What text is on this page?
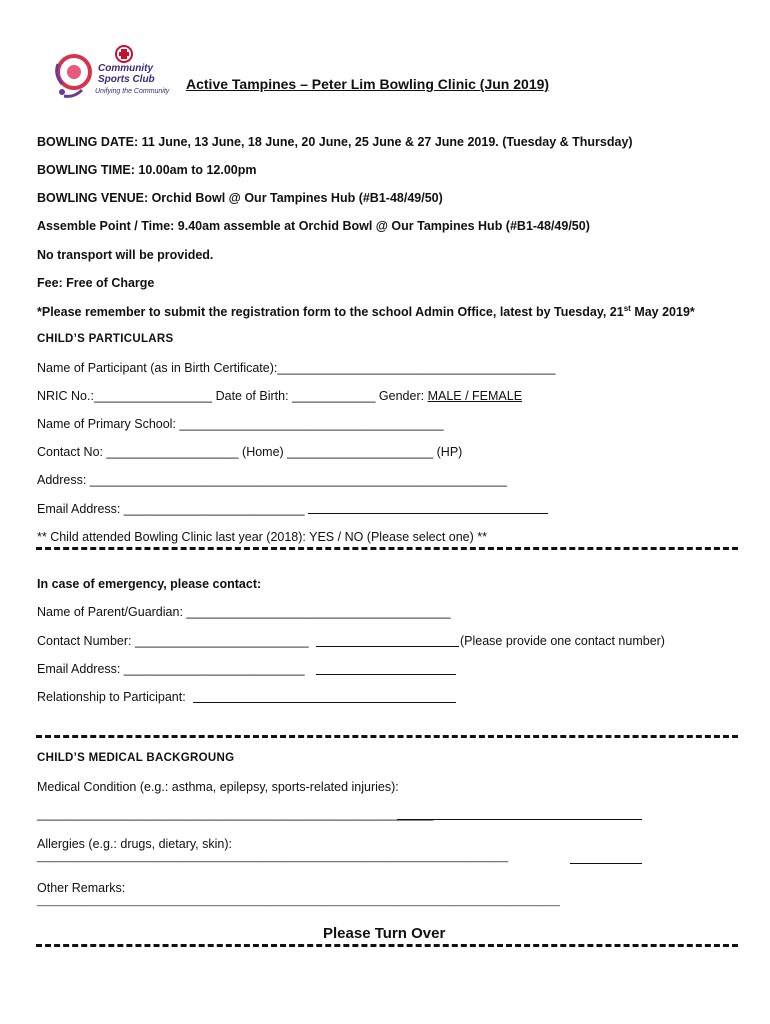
Community
Sports Club
Unifying the Community Active Tampines – Peter Lim Bowling Clinic (Jun 2019)
BOWLING DATE: 11 June, 13 June, 18 June, 20 June, 25 June & 27 June 2019. (Tuesday & Thursday)
BOWLING TIME: 10.00am to 12.00pm
BOWLING VENUE: Orchid Bowl @ Our Tampines Hub (#B1-48/49/50)
Assemble Point / Time: 9.40am assemble at Orchid Bowl @ Our Tampines Hub (#B1-48/49/50)
No transport will be provided.
Fee: Free of Charge
*Please remember to submit the registration form to the school Admin Office, latest by Tuesday, 21st May 2019*
CHILD’S PARTICULARS
Name of Participant (as in Birth Certificate):________________________________________
NRIC No.:_________________ Date of Birth: ____________ Gender: MALE / FEMALE
Name of Primary School: ______________________________________
Contact No: ___________________ (Home) _____________________ (HP)
Address: ____________________________________________________________
Email Address: __________________________
** Child attended Bowling Clinic last year (2018): YES / NO (Please select one) **
In case of emergency, please contact:
Name of Parent/Guardian: ______________________________________
Contact Number: _________________________	(Please provide one contact number)
Email Address: __________________________
Relationship to Participant:
CHILD’S MEDICAL BACKGROUNG
Medical Condition (e.g.: asthma, epilepsy, sports-related injuries):
_________________________________________________________
Allergies (e.g.: drugs, dietary, skin):
_____________________________________________________________________________
Other Remarks:
______________________________________________________________________________________________
Please Turn Over
